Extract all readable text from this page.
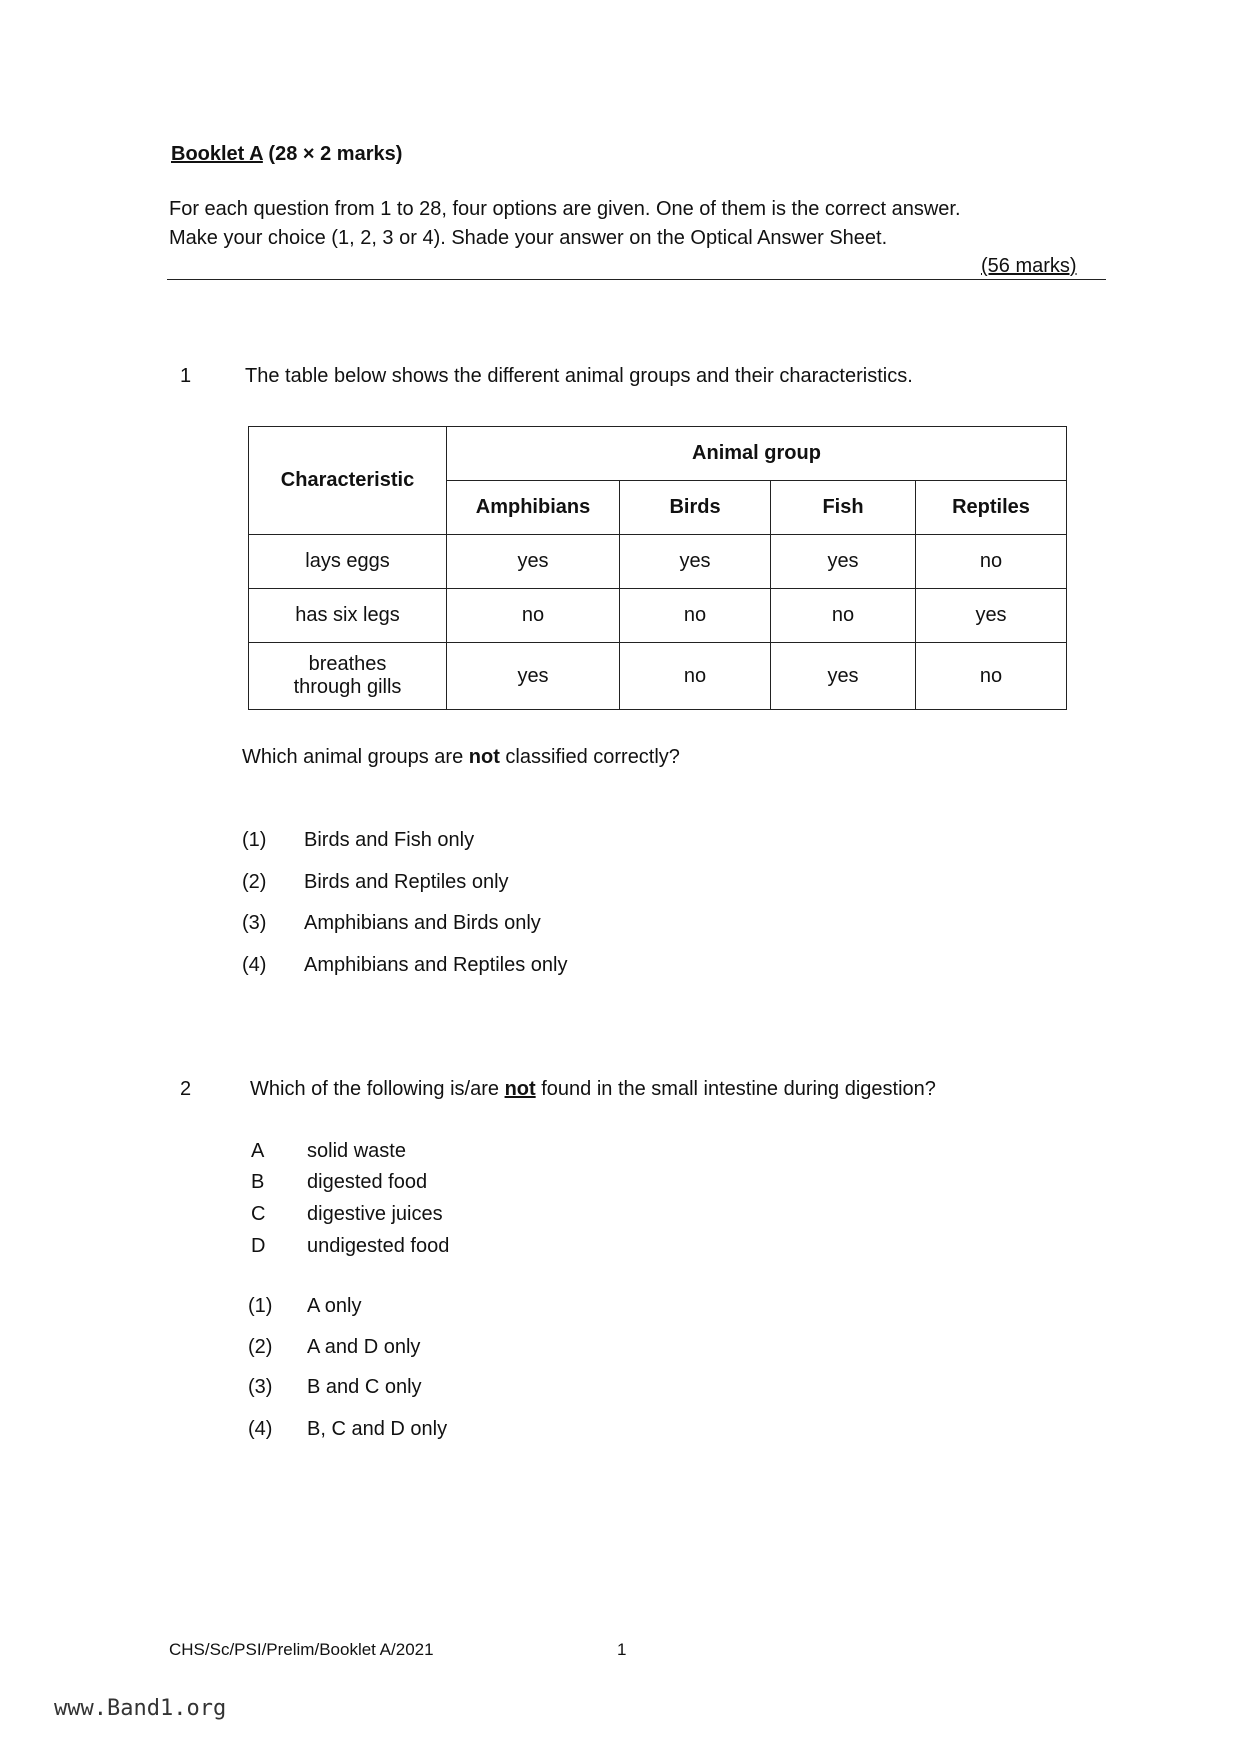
Booklet A (28 × 2 marks)
For each question from 1 to 28, four options are given. One of them is the correct answer.
Make your choice (1, 2, 3 or 4). Shade your answer on the Optical Answer Sheet.
(56 marks)
1	The table below shows the different animal groups and their characteristics.
Characteristic	Animal group			
	Amphibians	Birds	Fish	Reptiles
lays eggs	yes	yes	yes	no
has six legs	no	no	no	yes

breathes
through gills	yes	no	yes	no
Which animal groups are not classified correctly?
(1) Birds and Fish only
(2) Birds and Reptiles only
(3) Amphibians and Birds only
(4) Amphibians and Reptiles only
2	Which of the following is/are not found in the small intestine during digestion?
A solid waste
B digested food
C digestive juices
D undigested food
(1) A only
(2) A and D only
(3) B and C only
(4) B, C and D only
CHS/Sc/PSI/Prelim/Booklet A/2021	1
www.Band1.org
